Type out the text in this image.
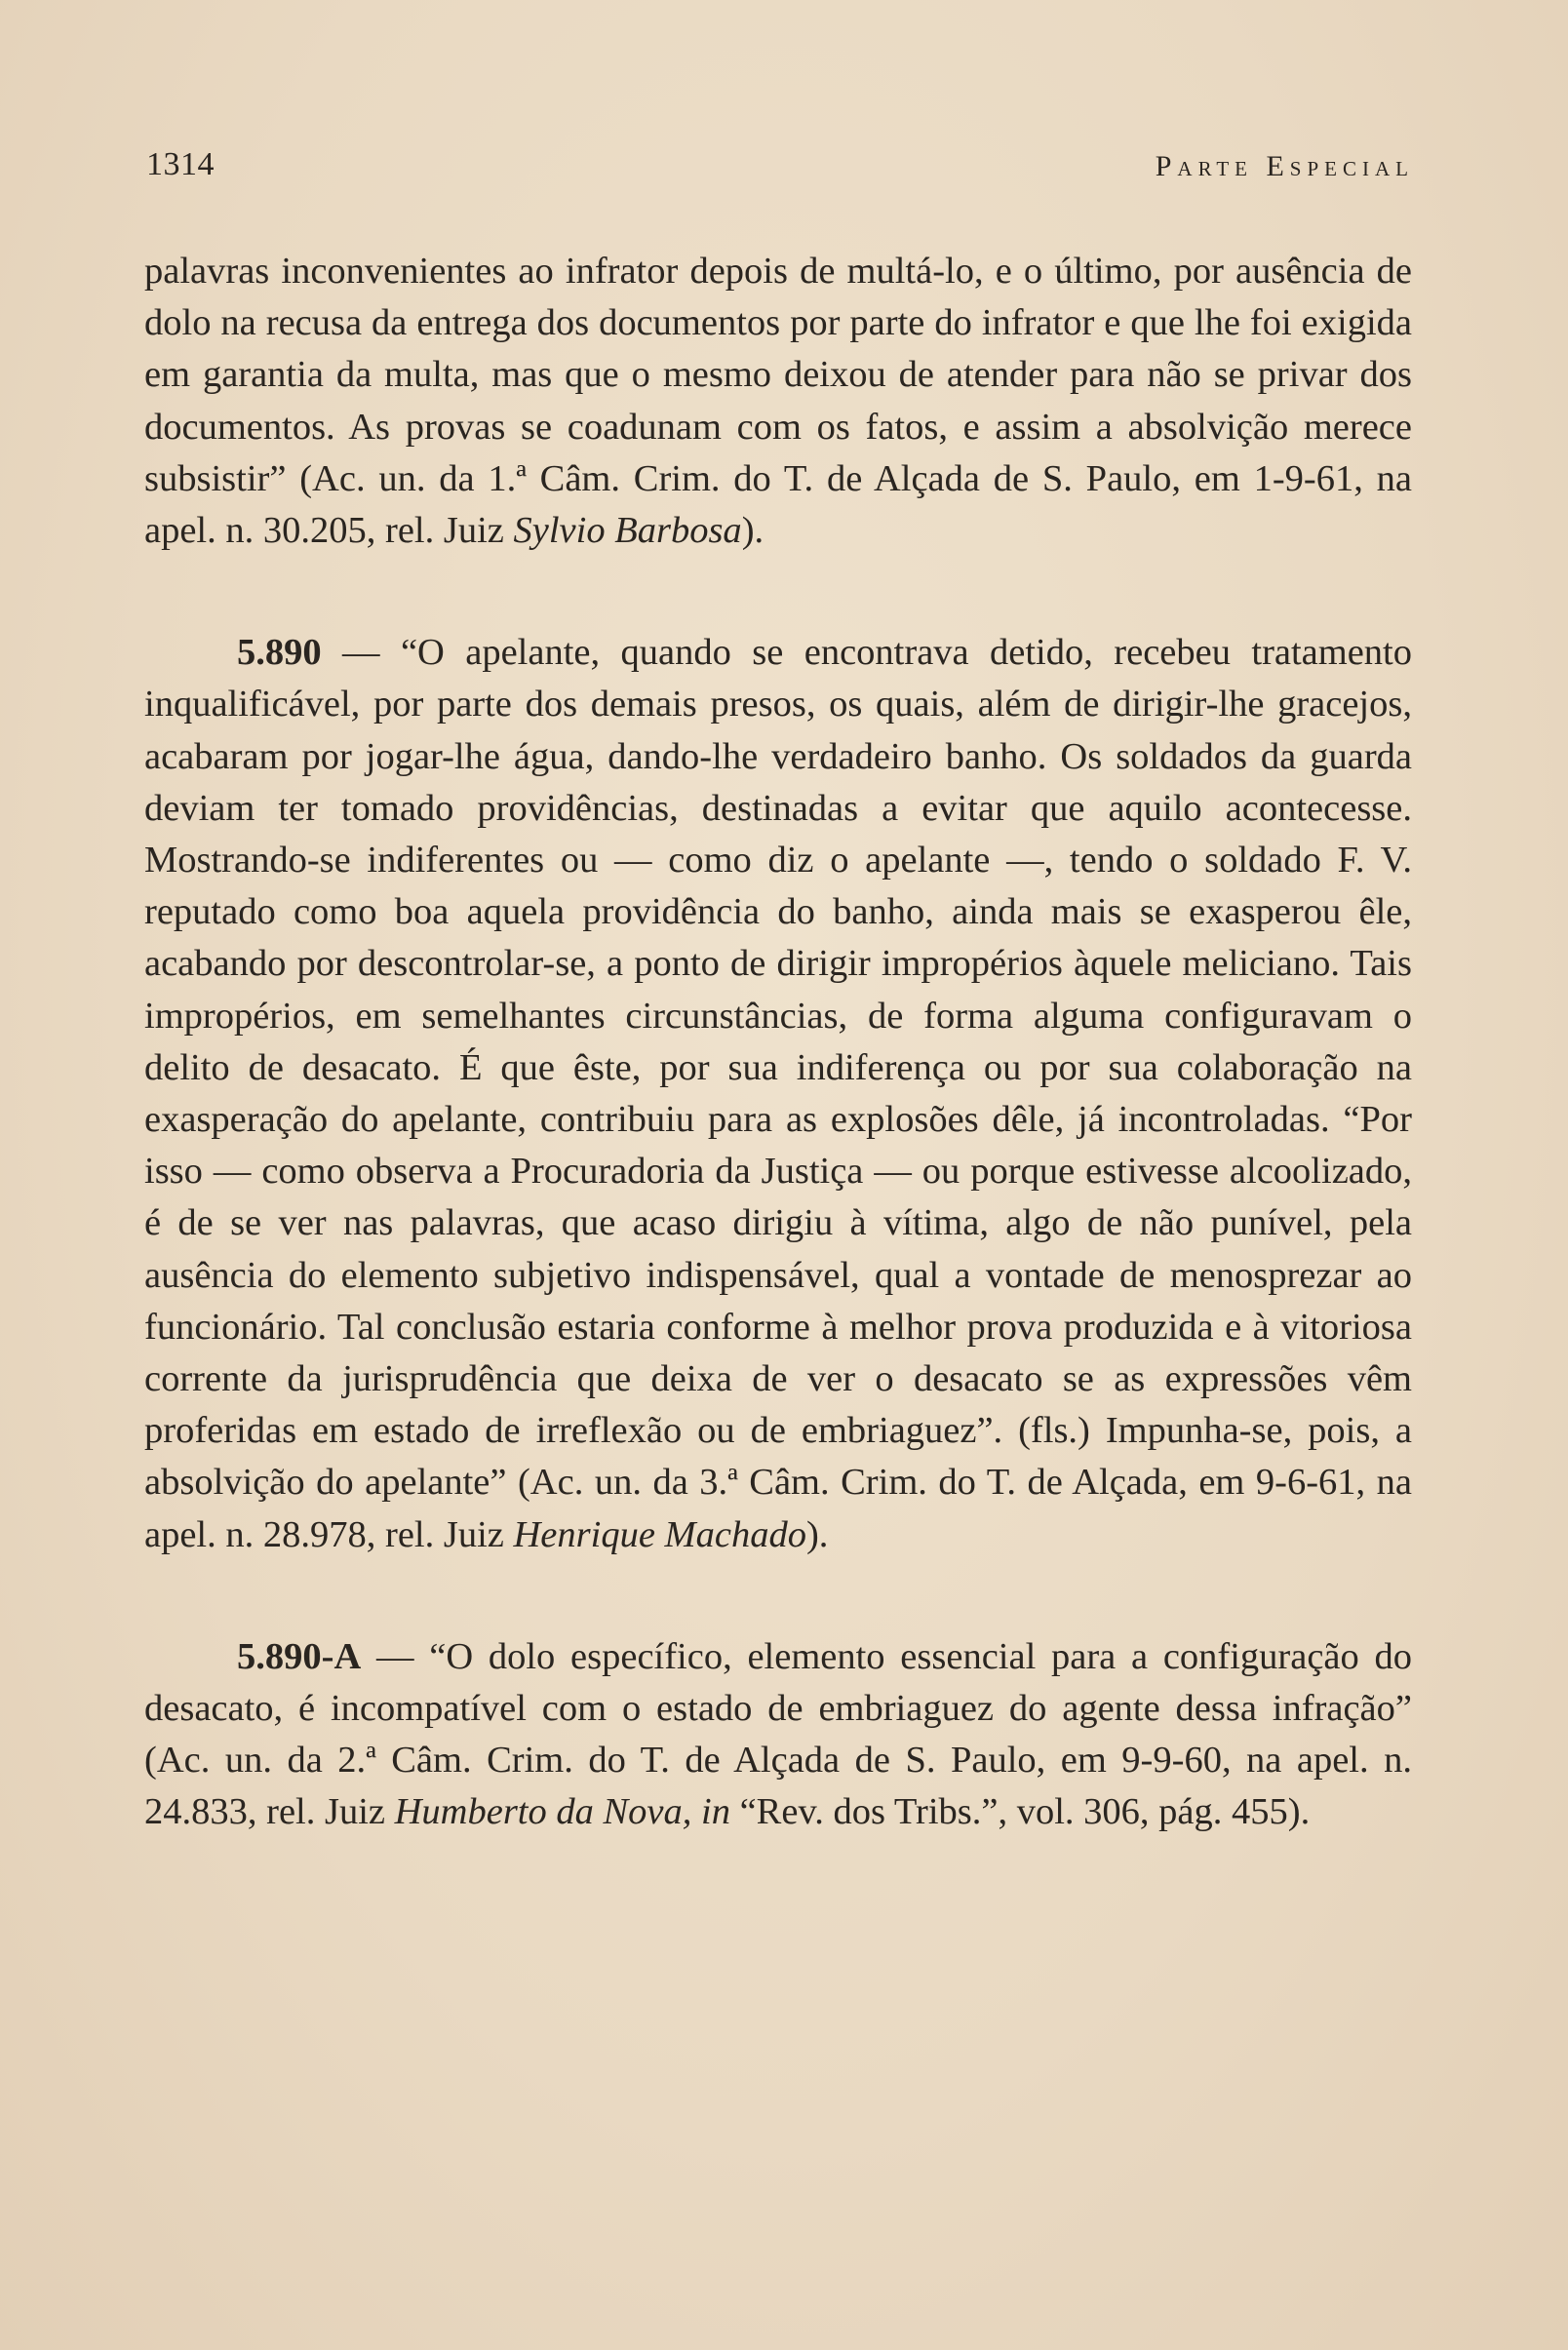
1314	Parte Especial

palavras inconvenientes ao infrator depois de multá-lo, e o último, por ausência de dolo na recusa da entrega dos documentos por parte do infrator e que lhe foi exigida em garantia da multa, mas que o mesmo deixou de atender para não se privar dos documentos. As provas se coadunam com os fatos, e assim a absolvição merece subsistir” (Ac. un. da 1.ª Câm. Crim. do T. de Alçada de S. Paulo, em 1-9-61, na apel. n. 30.205, rel. Juiz Sylvio Barbosa).

5.890 — “O apelante, quando se encontrava detido, recebeu tratamento inqualificável, por parte dos demais presos, os quais, além de dirigir-lhe gracejos, acabaram por jogar-lhe água, dando-lhe verdadeiro banho. Os soldados da guarda deviam ter tomado providências, destinadas a evitar que aquilo acontecesse. Mostrando-se indiferentes ou — como diz o apelante —, tendo o soldado F. V. reputado como boa aquela providência do banho, ainda mais se exasperou êle, acabando por descontrolar-se, a ponto de dirigir impropérios àquele meliciano. Tais impropérios, em semelhantes circunstâncias, de forma alguma configuravam o delito de desacato. É que êste, por sua indiferença ou por sua colaboração na exasperação do apelante, contribuiu para as explosões dêle, já incontroladas. “Por isso — como observa a Procuradoria da Justiça — ou porque estivesse alcoolizado, é de se ver nas palavras, que acaso dirigiu à vítima, algo de não punível, pela ausência do elemento subjetivo indispensável, qual a vontade de menosprezar ao funcionário. Tal conclusão estaria conforme à melhor prova produzida e à vitoriosa corrente da jurisprudência que deixa de ver o desacato se as expressões vêm proferidas em estado de irreflexão ou de embriaguez”. (fls.) Impunha-se, pois, a absolvição do apelante” (Ac. un. da 3.ª Câm. Crim. do T. de Alçada, em 9-6-61, na apel. n. 28.978, rel. Juiz Henrique Machado).

5.890-A — “O dolo específico, elemento essencial para a configuração do desacato, é incompatível com o estado de embriaguez do agente dessa infração” (Ac. un. da 2.ª Câm. Crim. do T. de Alçada de S. Paulo, em 9-9-60, na apel. n. 24.833, rel. Juiz Humberto da Nova, in “Rev. dos Tribs.”, vol. 306, pág. 455).
